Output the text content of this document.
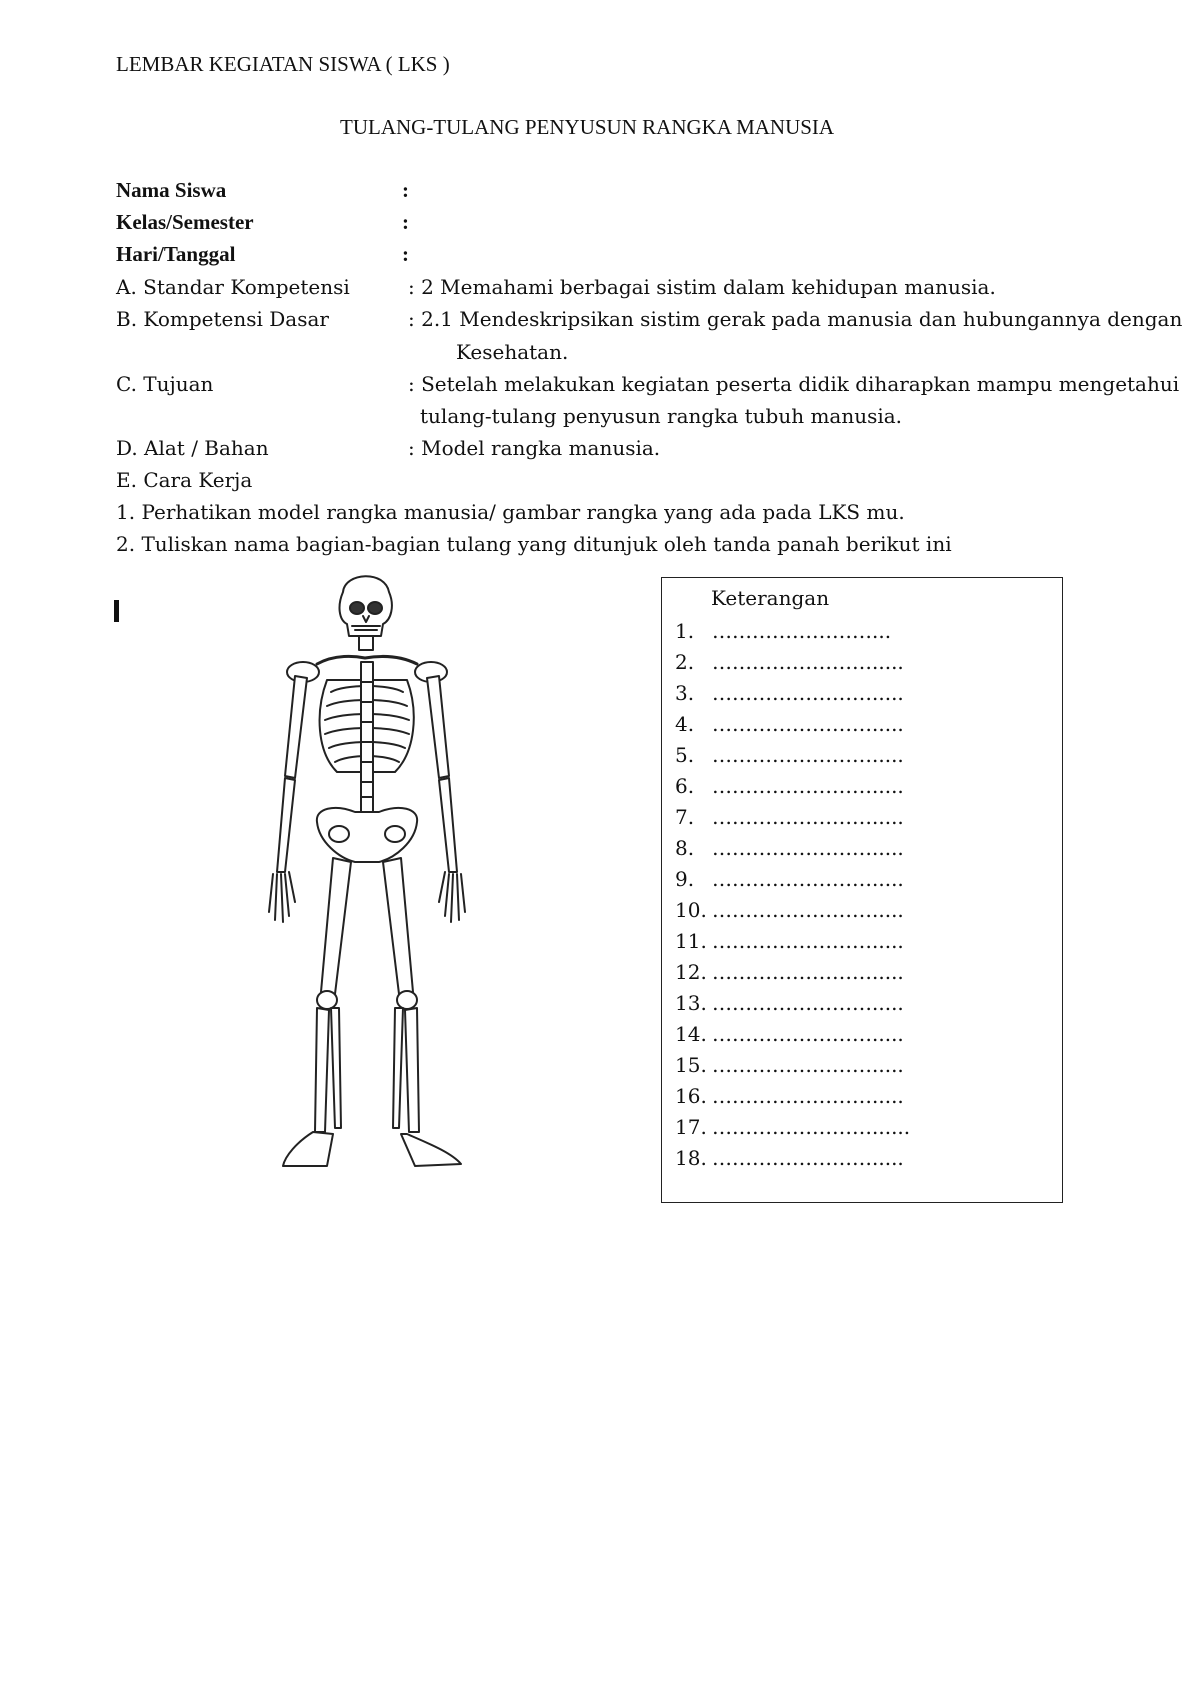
LEMBAR KEGIATAN SISWA ( LKS )
TULANG-TULANG PENYUSUN RANGKA MANUSIA
Nama Siswa	:
Kelas/Semester	:
Hari/Tanggal	:
A. Standar Kompetensi	: 2 Memahami berbagai sistim dalam kehidupan manusia.
B. Kompetensi Dasar	: 2.1 Mendeskripsikan sistim gerak pada manusia dan hubungannya dengan
Kesehatan.
C. Tujuan	: Setelah melakukan kegiatan peserta didik diharapkan mampu mengetahui
tulang-tulang penyusun rangka tubuh manusia.
D. Alat / Bahan	: Model rangka manusia.
E. Cara Kerja
1. Perhatikan model rangka manusia/ gambar rangka yang ada pada LKS mu.
2. Tuliskan nama bagian-bagian tulang yang ditunjuk oleh tanda panah berikut ini
Keterangan
1. ……………………...
2. …………………….....
3. …………………….....
4. …………………….....
5. …………………….....
6. …………………….....
7. …………………….....
8. …………………….....
9. …………………….....
10. …………………….....
11. …………………….....
12. …………………….....
13. …………………….....
14. …………………….....
15. …………………….....
16. …………………….....
17. ……………………......
18. …………………….....
